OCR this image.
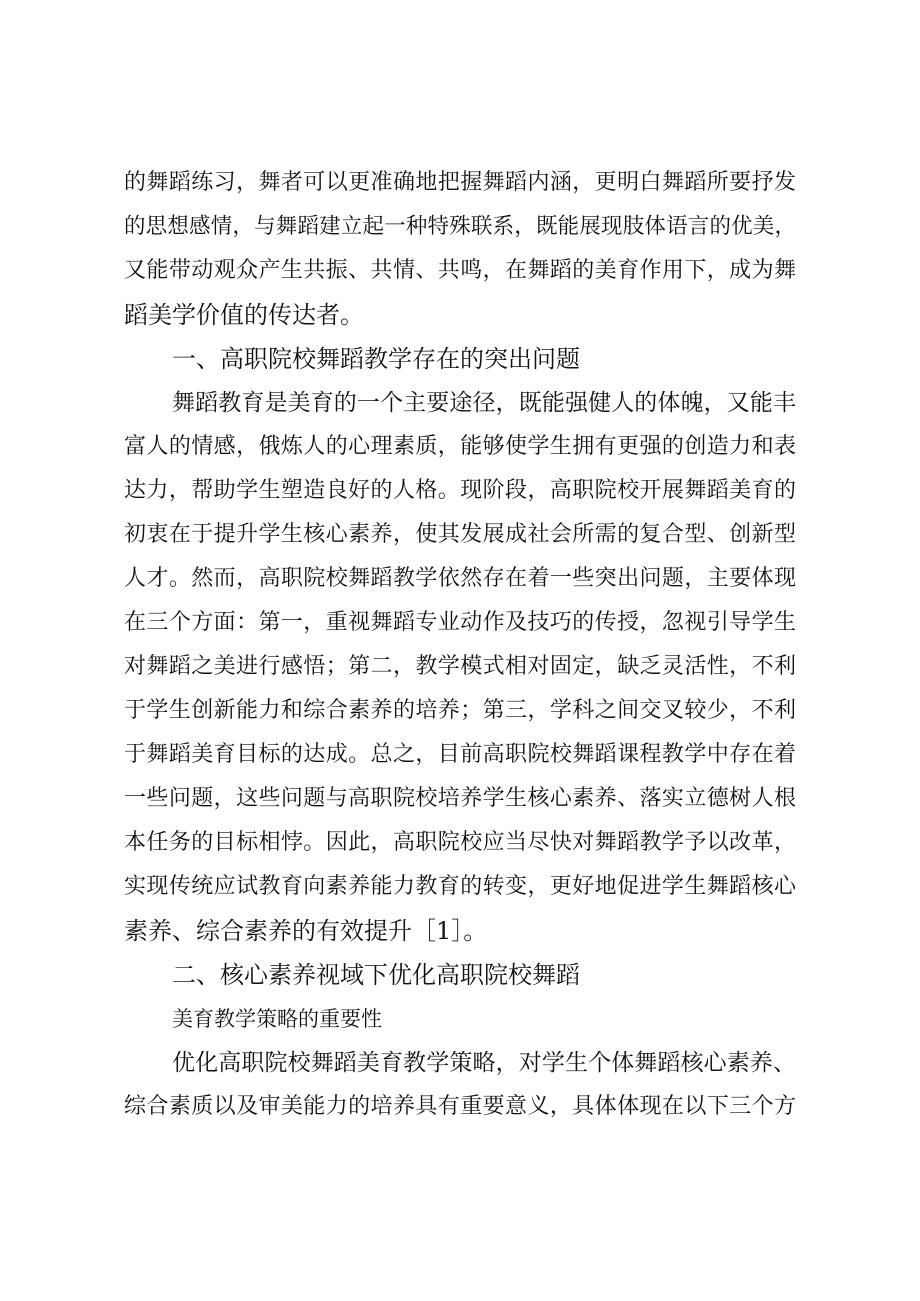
的舞蹈练习，舞者可以更准确地把握舞蹈内涵，更明白舞蹈所要抒发
的思想感情，与舞蹈建立起一种特殊联系，既能展现肢体语言的优美，
又能带动观众产生共振、共情、共鸣，在舞蹈的美育作用下，成为舞
蹈美学价值的传达者。
一、高职院校舞蹈教学存在的突出问题
舞蹈教育是美育的一个主要途径，既能强健人的体魄，又能丰
富人的情感，俄炼人的心理素质，能够使学生拥有更强的创造力和表
达力，帮助学生塑造良好的人格。现阶段，高职院校开展舞蹈美育的
初衷在于提升学生核心素养，使其发展成社会所需的复合型、创新型
人才。然而，高职院校舞蹈教学依然存在着一些突出问题，主要体现
在三个方面：第一，重视舞蹈专业动作及技巧的传授，忽视引导学生
对舞蹈之美进行感悟；第二，教学模式相对固定，缺乏灵活性，不利
于学生创新能力和综合素养的培养；第三，学科之间交叉较少，不利
于舞蹈美育目标的达成。总之，目前高职院校舞蹈课程教学中存在着
一些问题，这些问题与高职院校培养学生核心素养、落实立德树人根
本任务的目标相悖。因此，高职院校应当尽快对舞蹈教学予以改革，
实现传统应试教育向素养能力教育的转变，更好地促进学生舞蹈核心
素养、综合素养的有效提升［1］。
二、核心素养视域下优化高职院校舞蹈
美育教学策略的重要性
优化高职院校舞蹈美育教学策略，对学生个体舞蹈核心素养、
综合素质以及审美能力的培养具有重要意义，具体体现在以下三个方
